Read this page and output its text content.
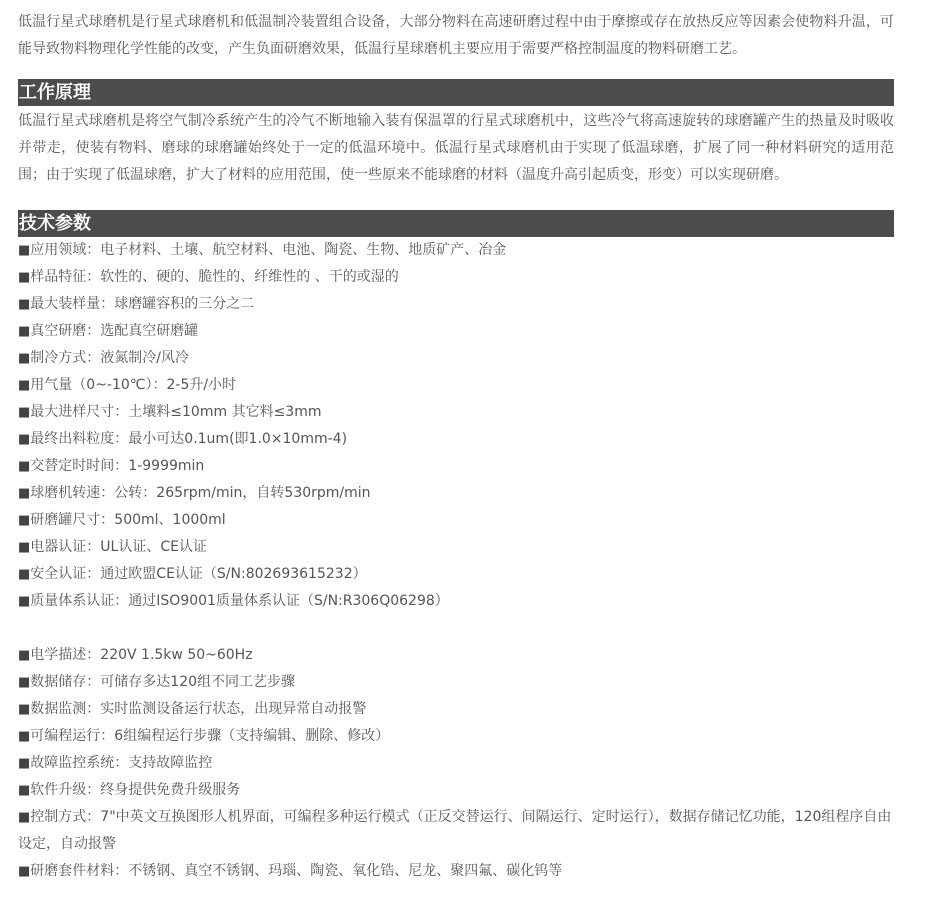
低温行星式球磨机是行星式球磨机和低温制冷装置组合设备，大部分物料在高速研磨过程中由于摩擦或存在放热反应等因素会使物料升温，可能导致物料物理化学性能的改变，产生负面研磨效果，低温行星球磨机主要应用于需要严格控制温度的物料研磨工艺。

工作原理

低温行星式球磨机是将空气制冷系统产生的冷气不断地输入装有保温罩的行星式球磨机中，这些冷气将高速旋转的球磨罐产生的热量及时吸收并带走，使装有物料、磨球的球磨罐始终处于一定的低温环境中。低温行星式球磨机由于实现了低温球磨，扩展了同一种材料研究的适用范围；由于实现了低温球磨，扩大了材料的应用范围，使一些原来不能球磨的材料（温度升高引起质变，形变）可以实现研磨。

技术参数
■应用领域：电子材料、土壤、航空材料、电池、陶瓷、生物、地质矿产、冶金
■样品特征：软性的、硬的、脆性的、纤维性的 、干的或湿的
■最大装样量：球磨罐容积的三分之二
■真空研磨：选配真空研磨罐
■制冷方式：液氮制冷/风冷
■用气量（0~-10℃）：2-5升/小时
■最大进样尺寸：土壤料≤10mm 其它料≤3mm
■最终出料粒度：最小可达0.1um(即1.0×10mm-4)
■交替定时时间：1-9999min
■球磨机转速：公转：265rpm/min，自转530rpm/min
■研磨罐尺寸：500ml、1000ml
■电器认证：UL认证、CE认证
■安全认证：通过欧盟CE认证（S/N:802693615232）
■质量体系认证：通过ISO9001质量体系认证（S/N:R306Q06298）
■电学描述：220V 1.5kw 50~60Hz
■数据储存：可储存多达120组不同工艺步骤
■数据监测：实时监测设备运行状态，出现异常自动报警
■可编程运行：6组编程运行步骤（支持编辑、删除、修改）
■故障监控系统：支持故障监控
■软件升级：终身提供免费升级服务
■控制方式：7"中英文互换图形人机界面，可编程多种运行模式（正反交替运行、间隔运行、定时运行），数据存储记忆功能，120组程序自由设定，自动报警
■研磨套件材料：不锈钢、真空不锈钢、玛瑙、陶瓷、氧化锆、尼龙、聚四氟、碳化钨等
